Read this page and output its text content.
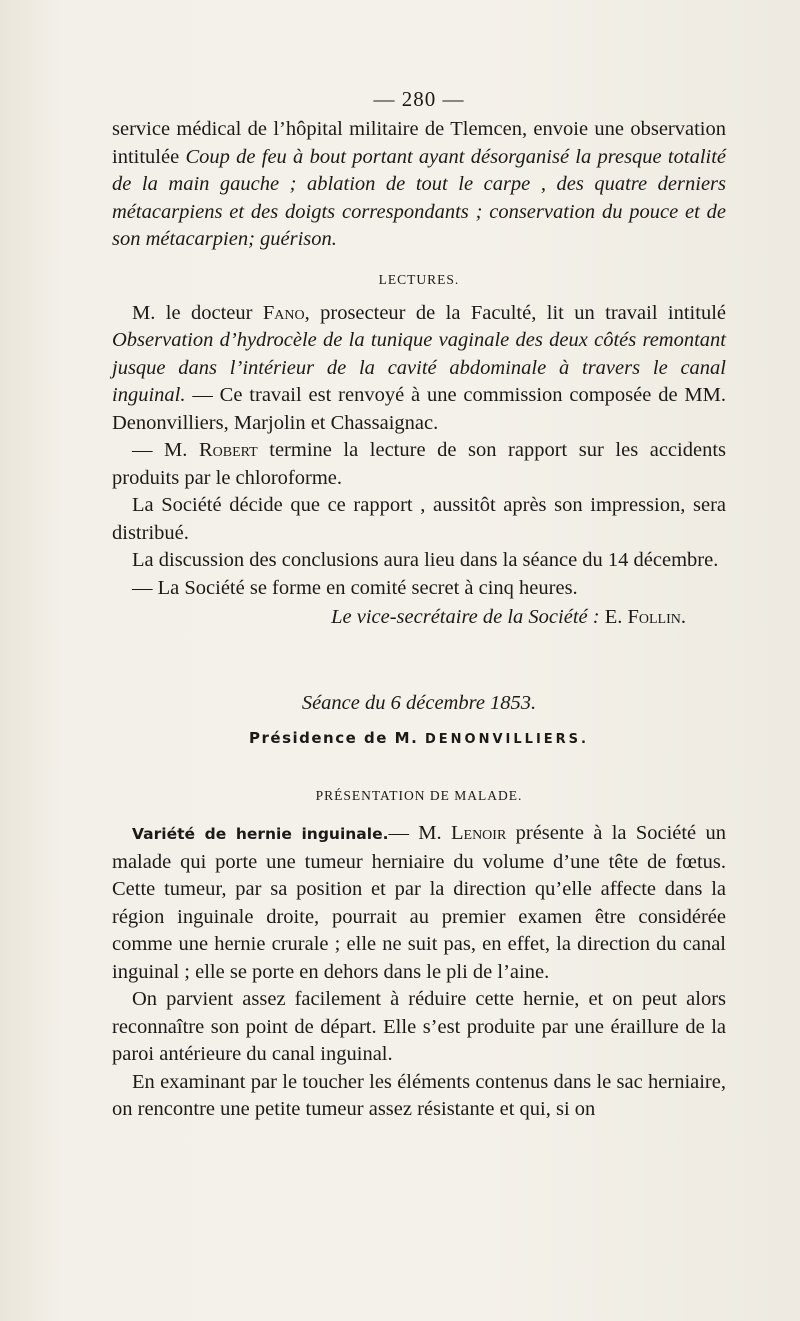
— 280 —

service médical de l’hôpital militaire de Tlemcen, envoie une observation intitulée Coup de feu à bout portant ayant désorganisé la presque totalité de la main gauche ; ablation de tout le carpe , des quatre derniers métacarpiens et des doigts correspondants ; conservation du pouce et de son métacarpien; guérison.

LECTURES.

M. le docteur Fano, prosecteur de la Faculté, lit un travail intitulé Observation d’hydrocèle de la tunique vaginale des deux côtés remontant jusque dans l’intérieur de la cavité abdominale à travers le canal inguinal. — Ce travail est renvoyé à une commission composée de MM. Denonvilliers, Marjolin et Chassaignac.

— M. Robert termine la lecture de son rapport sur les accidents produits par le chloroforme.

La Société décide que ce rapport , aussitôt après son impression, sera distribué.

La discussion des conclusions aura lieu dans la séance du 14 décembre.

— La Société se forme en comité secret à cinq heures.

Le vice-secrétaire de la Société : E. Follin.
Séance du 6 décembre 1853.
Présidence de M. DENONVILLIERS.
PRÉSENTATION DE MALADE.

Variété de hernie inguinale.— M. Lenoir présente à la Société un malade qui porte une tumeur herniaire du volume d’une tête de fœtus. Cette tumeur, par sa position et par la direction qu’elle affecte dans la région inguinale droite, pourrait au premier examen être considérée comme une hernie crurale ; elle ne suit pas, en effet, la direction du canal inguinal ; elle se porte en dehors dans le pli de l’aine.

On parvient assez facilement à réduire cette hernie, et on peut alors reconnaître son point de départ. Elle s’est produite par une éraillure de la paroi antérieure du canal inguinal.

En examinant par le toucher les éléments contenus dans le sac herniaire, on rencontre une petite tumeur assez résistante et qui, si on
